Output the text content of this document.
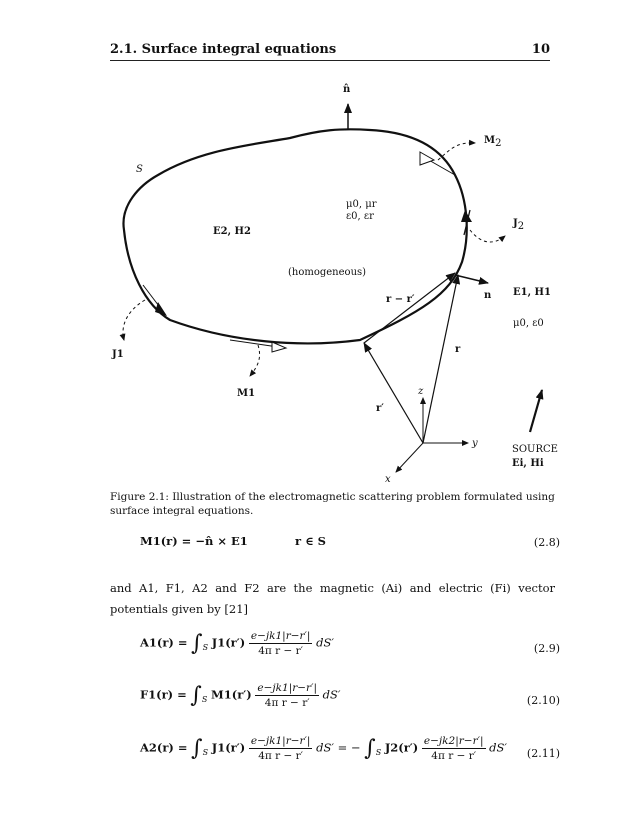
2.1. Surface integral equations	10
n̂
M2
S
μ0, μr
ε0, εr
J2
E2, H2
(homogeneous)
E1, H1
n
r − r′
μ0, ε0
J1	r
M1	z
r′
y
SOURCE
Ei, Hi
x
Figure 2.1: Illustration of the electromagnetic scattering problem formulated using surface integral equations.
M1(r) = −n̂ × E1	r ∈ S	(2.8)
and A1, F1, A2 and F2 are the magnetic (Ai) and electric (Fi) vector potentials given by [21]
$A1(r) = \int_S$ $J1(r') \frac{e-jk1|r-r'|}{\text{4π r − r′}} dS'$	(2.9)
$F1(r) = \int_S$ $M1(r') \frac{e-jk1|r-r'|}{\text{4π r − r′}} dS'$	(2.10)
$A2(r) = \int_S$ $J1(r') \frac{e-jk1|r-r'|}{\text{4π r − r′}} dS'$ = − $\int_S$ $J2(r') \frac{e-jk2|r-r'|}{\text{4π r − r′}} dS'$ (2.11)
